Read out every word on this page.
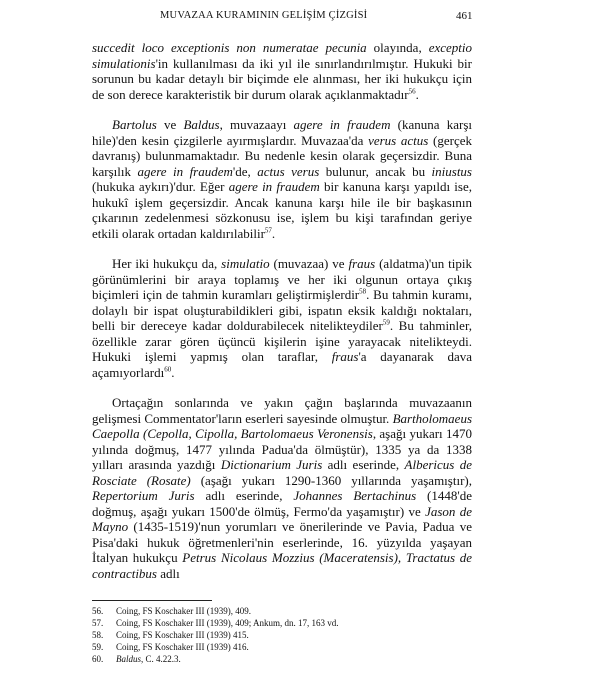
MUVAZAA KURAMININ GELİŞİM ÇİZGİSİ	461

succedit loco exceptionis non numeratae pecunia olayında, exceptio simulationis'in kullanılması da iki yıl ile sınırlandırılmıştır. Hukuki bir sorunun bu kadar detaylı bir biçimde ele alınması, her iki hukukçu için de son derece karakteristik bir durum olarak açıklanmaktadır$^{56}$.

Bartolus ve Baldus, muvazaayı agere in fraudem (kanuna karşı hile)'den kesin çizgilerle ayırmışlardır. Muvazaa'da verus actus (gerçek davranış) bulunmamaktadır. Bu nedenle kesin olarak geçersizdir. Buna karşılık agere in fraudem'de, actus verus bulunur, ancak bu iniustus (hukuka aykırı)'dur. Eğer agere in fraudem bir kanuna karşı yapıldı ise, hukukî işlem geçersizdir. Ancak kanuna karşı hile ile bir başkasının çıkarının zedelenmesi sözkonusu ise, işlem bu kişi tarafından geriye etkili olarak ortadan kaldırılabilir$^{57}$.

Her iki hukukçu da, simulatio (muvazaa) ve fraus (aldatma)'un tipik görünümlerini bir araya toplamış ve her iki olgunun ortaya çıkış biçimleri için de tahmin kuramları geliştirmişlerdir$^{58}$. Bu tahmin kuramı, dolaylı bir ispat oluşturabildikleri gibi, ispatın eksik kaldığı noktaları, belli bir dereceye kadar doldurabilecek nitelikteydiler$^{59}$. Bu tahminler, özellikle zarar gören üçüncü kişilerin işine yarayacak nitelikteydi. Hukuki işlemi yapmış olan taraflar, fraus'a dayanarak dava açamıyorlardı$^{60}$.

Ortaçağın sonlarında ve yakın çağın başlarında muvazaanın gelişmesi Commentator'ların eserleri sayesinde olmuştur. Bartholomaeus Caepolla (Cepolla, Cipolla, Bartolomaeus Veronensis, aşağı yukarı 1470 yılında doğmuş, 1477 yılında Padua'da ölmüştür), 1335 ya da 1338 yılları arasında yazdığı Dictionarium Juris adlı eserinde, Albericus de Rosciate (Rosate) (aşağı yukarı 1290-1360 yıllarında yaşamıştır), Repertorium Juris adlı eserinde, Johannes Bertachinus (1448'de doğmuş, aşağı yukarı 1500'de ölmüş, Fermo'da yaşamıştır) ve Jason de Mayno (1435-1519)'nun yorumları ve önerilerinde ve Pavia, Padua ve Pisa'daki hukuk öğretmenleri'nin eserlerinde, 16. yüzyılda yaşayan İtalyan hukukçu Petrus Nicolaus Mozzius (Maceratensis), Tractatus de contractibus adlı

56.	Coing, FS Koschaker III (1939), 409.
57.	Coing, FS Koschaker III (1939), 409; Ankum, dn. 17, 163 vd.
58.	Coing, FS Koschaker III (1939) 415.
59.	Coing, FS Koschaker III (1939) 416.
60.	Baldus, C. 4.22.3.
